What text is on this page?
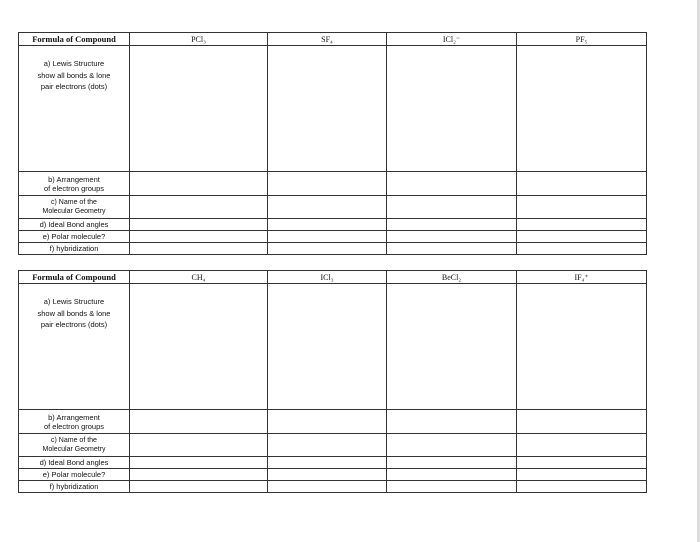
Formula of Compound	PCl₃	SF₄	ICl₂⁻	PF₅

a) Lewis Structure
show all bonds & lone
pair electrons (dots)				

b) Arrangement
of electron groups				

c) Name of the
Molecular Geometry				

d) Ideal Bond angles				
e) Polar molecule?				
f) hybridization				
Formula of Compound	CH₄	ICl₃	BeCl₂	IF₄⁺

a) Lewis Structure
show all bonds & lone
pair electrons (dots)				

b) Arrangement
of electron groups				

c) Name of the
Molecular Geometry				

d) Ideal Bond angles				
e) Polar molecule?				
f) hybridization				
